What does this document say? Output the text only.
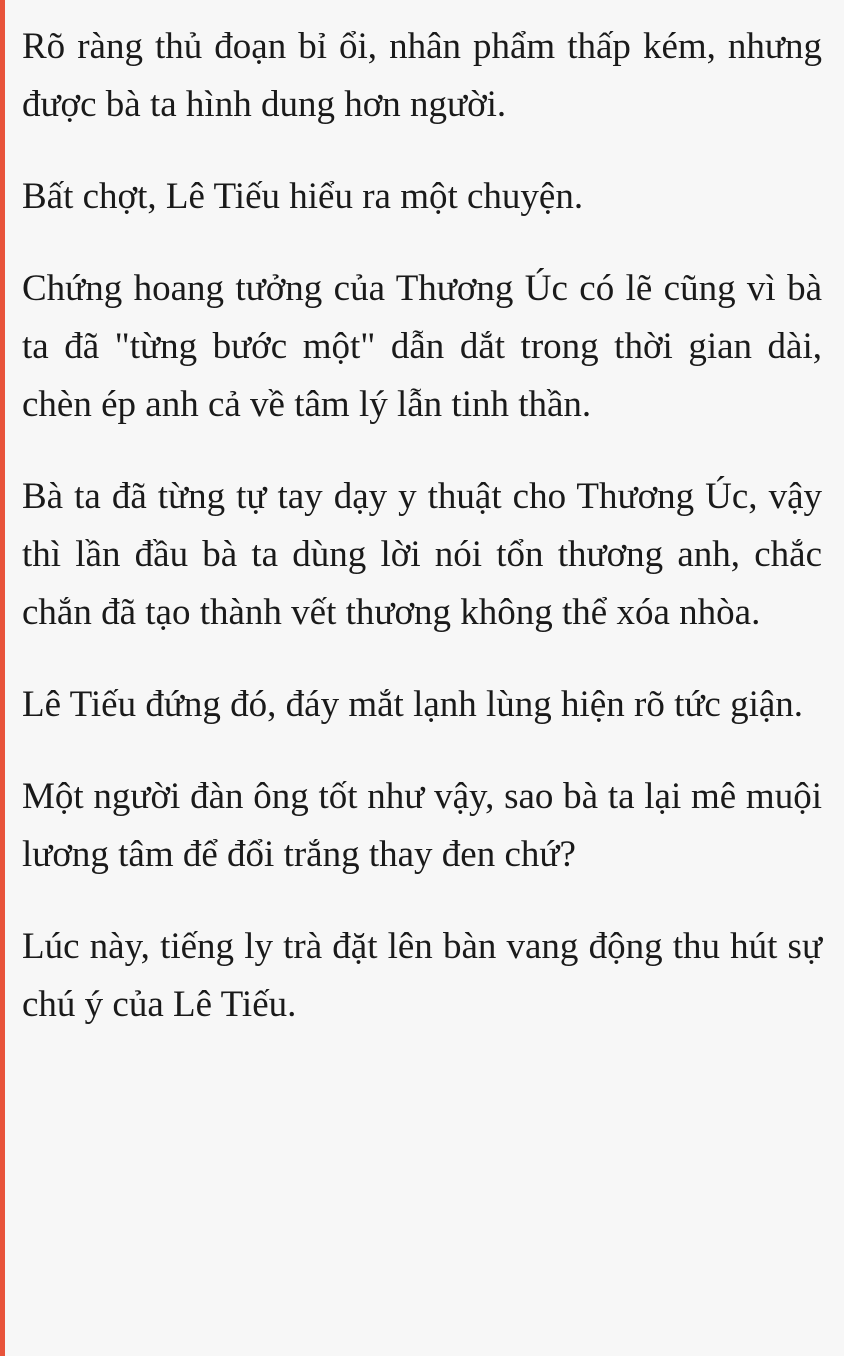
Rõ ràng thủ đoạn bỉ ổi, nhân phẩm thấp kém, nhưng được bà ta hình dung hơn người.

Bất chợt, Lê Tiếu hiểu ra một chuyện.

Chứng hoang tưởng của Thương Úc có lẽ cũng vì bà ta đã "từng bước một" dẫn dắt trong thời gian dài, chèn ép anh cả về tâm lý lẫn tinh thần.

Bà ta đã từng tự tay dạy y thuật cho Thương Úc, vậy thì lần đầu bà ta dùng lời nói tổn thương anh, chắc chắn đã tạo thành vết thương không thể xóa nhòa.

Lê Tiếu đứng đó, đáy mắt lạnh lùng hiện rõ tức giận.

Một người đàn ông tốt như vậy, sao bà ta lại mê muội lương tâm để đổi trắng thay đen chứ?

Lúc này, tiếng ly trà đặt lên bàn vang động thu hút sự chú ý của Lê Tiếu.
